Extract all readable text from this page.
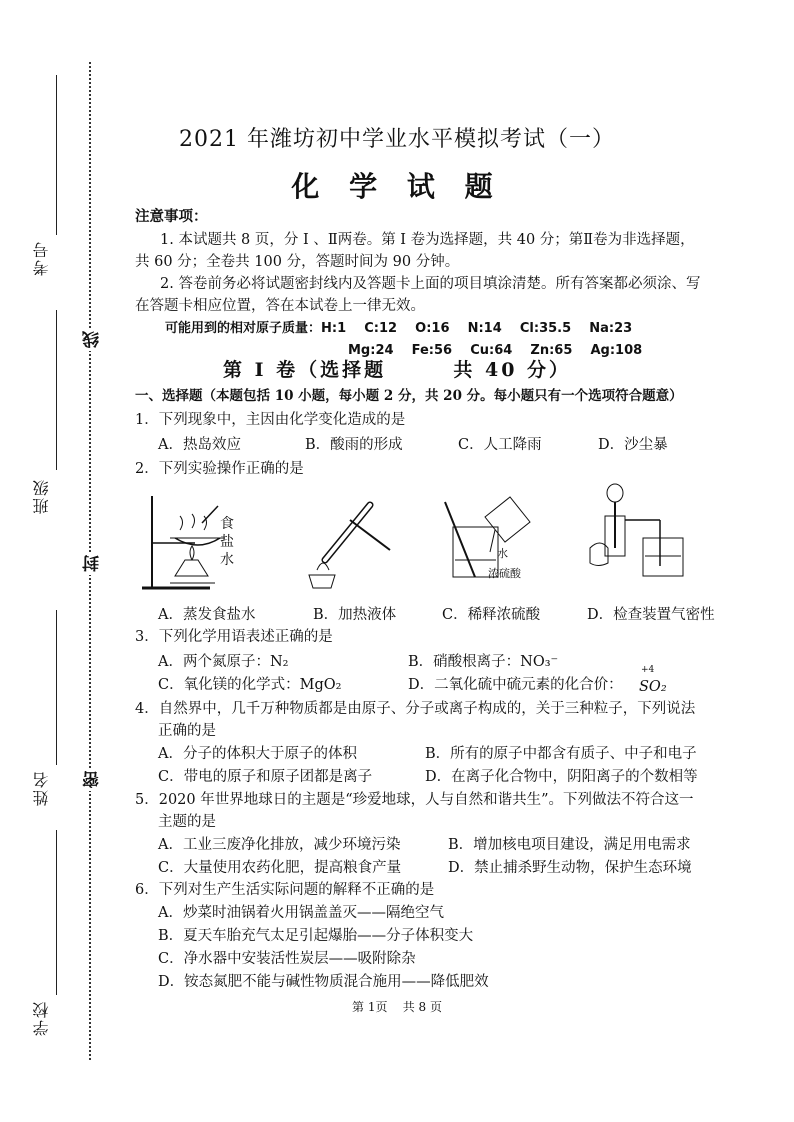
考号
班级
姓名
学校
线
封
密
2021 年潍坊初中学业水平模拟考试（一）
化 学 试 题
注意事项：
1. 本试题共 8 页，分 Ⅰ 、Ⅱ两卷。第 Ⅰ 卷为选择题，共 40 分；第Ⅱ卷为非选择题，
共 60 分；全卷共 100 分，答题时间为 90 分钟。
2. 答卷前务必将试题密封线内及答题卡上面的项目填涂清楚。所有答案都必须涂、写
在答题卡相应位置，答在本试卷上一律无效。
可能用到的相对原子质量：H:1    C:12    O:16    N:14    Cl:35.5    Na:23
Mg:24    Fe:56    Cu:64    Zn:65    Ag:108
第 Ⅰ 卷（选择题       共 40 分）
一、选择题（本题包括 10 小题，每小题 2 分，共 20 分。每小题只有一个选项符合题意）
1．下列现象中，主因由化学变化造成的是
A．热岛效应	B．酸雨的形成	C．人工降雨	D．沙尘暴
2．下列实验操作正确的是
食盐水	水
浓硫酸
A．蒸发食盐水	B．加热液体	C．稀释浓硫酸	D．检查装置气密性
3．下列化学用语表述正确的是
A．两个氮原子：N₂	B．硝酸根离子：NO₃⁻
C．氧化镁的化学式：MgO₂	D．二氧化硫中硫元素的化合价：
+4
SO₂
4．自然界中，几千万种物质都是由原子、分子或离子构成的，关于三种粒子，下列说法
正确的是
A．分子的体积大于原子的体积	B．所有的原子中都含有质子、中子和电子
C．带电的原子和原子团都是离子	D．在离子化合物中，阴阳离子的个数相等
5．2020 年世界地球日的主题是“珍爱地球，人与自然和谐共生”。下列做法不符合这一
主题的是
A．工业三废净化排放，减少环境污染	B．增加核电项目建设，满足用电需求
C．大量使用农药化肥，提高粮食产量	D．禁止捕杀野生动物，保护生态环境
6．下列对生产生活实际问题的解释不正确的是
A．炒菜时油锅着火用锅盖盖灭——隔绝空气
B．夏天车胎充气太足引起爆胎——分子体积变大
C．净水器中安装活性炭层——吸附除杂
D．铵态氮肥不能与碱性物质混合施用——降低肥效
第 1页    共 8 页
